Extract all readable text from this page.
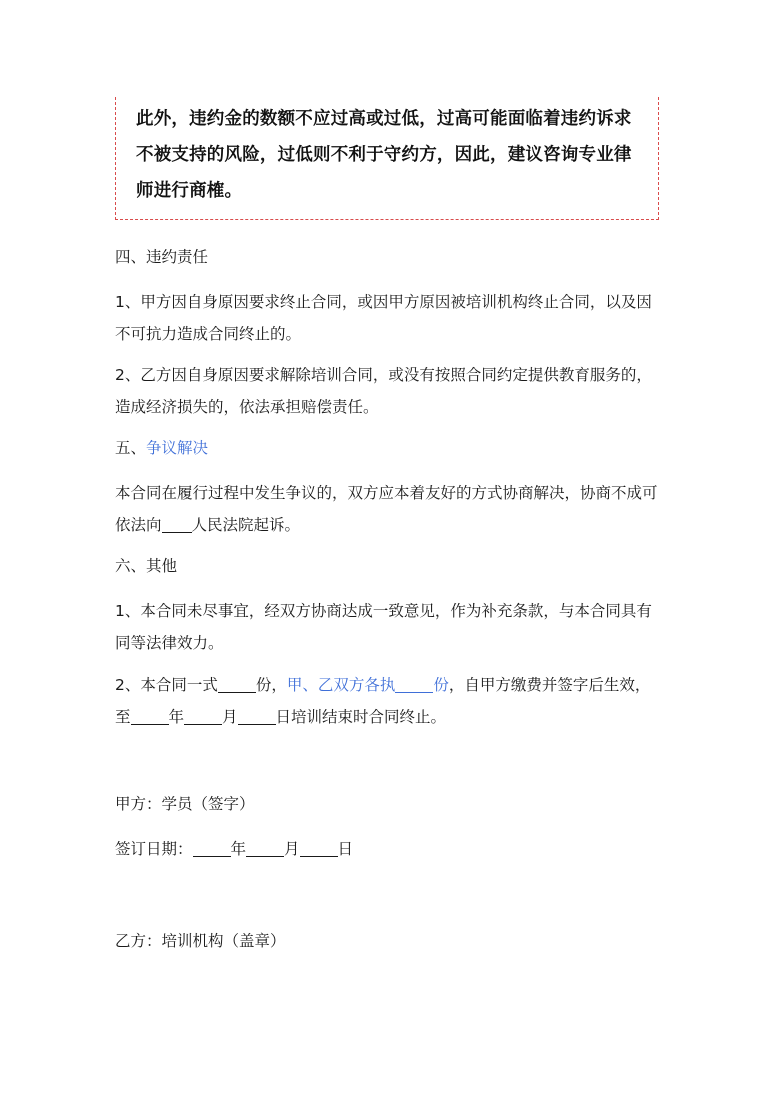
此外，违约金的数额不应过高或过低，过高可能面临着违约诉求不被支持的风险，过低则不利于守约方，因此，建议咨询专业律师进行商榷。
四、违约责任
1、甲方因自身原因要求终止合同，或因甲方原因被培训机构终止合同，以及因不可抗力造成合同终止的。
2、乙方因自身原因要求解除培训合同，或没有按照合同约定提供教育服务的，造成经济损失的，依法承担赔偿责任。
五、争议解决
本合同在履行过程中发生争议的，双方应本着友好的方式协商解决，协商不成可依法向 人民法院起诉。
六、其他
1、本合同未尽事宜，经双方协商达成一致意见，作为补充条款，与本合同具有同等法律效力。
2、本合同一式 份，甲、乙双方各执 份，自甲方缴费并签字后生效，至 年 月 日培训结束时合同终止。
甲方：学员（签字）
签订日期： 年 月 日
乙方：培训机构（盖章）
